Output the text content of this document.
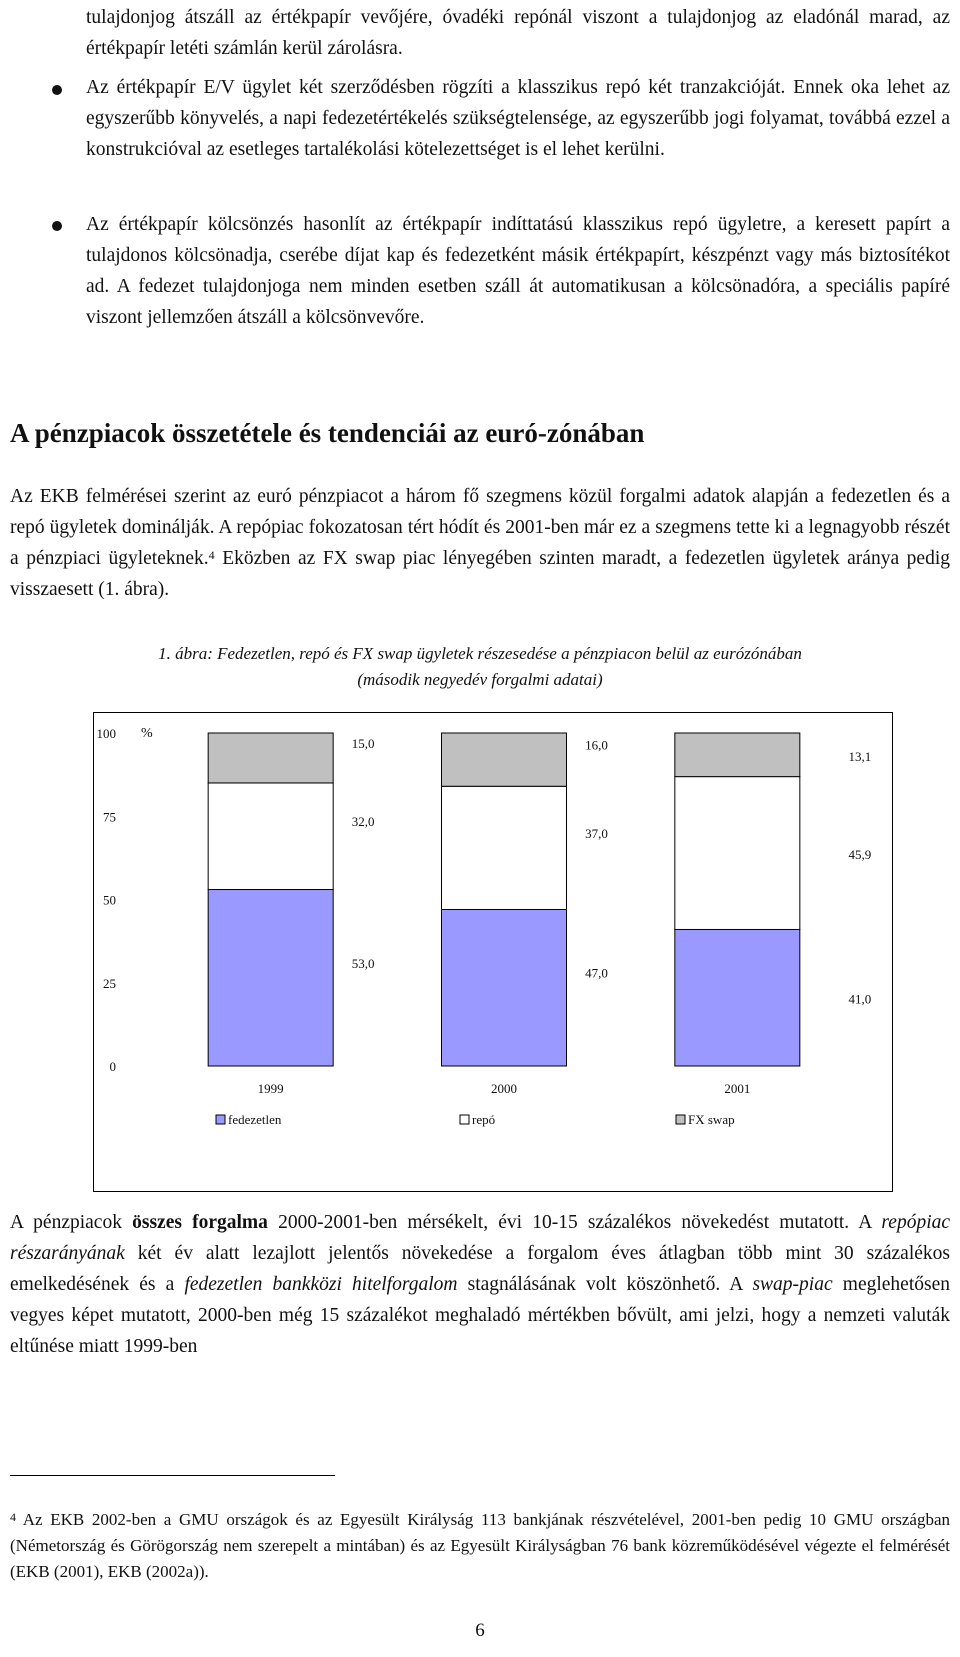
tulajdonjog átszáll az értékpapír vevőjére, óvadéki repónál viszont a tulajdonjog az eladónál marad, az értékpapír letéti számlán kerül zárolásra.

Az értékpapír E/V ügylet két szerződésben rögzíti a klasszikus repó két tranzakcióját. Ennek oka lehet az egyszerűbb könyvelés, a napi fedezetértékelés szükségtelensége, az egyszerűbb jogi folyamat, továbbá ezzel a konstrukcióval az esetleges tartalékolási kötelezettséget is el lehet kerülni.

Az értékpapír kölcsönzés hasonlít az értékpapír indíttatású klasszikus repó ügyletre, a keresett papírt a tulajdonos kölcsönadja, cserébe díjat kap és fedezetként másik értékpapírt, készpénzt vagy más biztosítékot ad. A fedezet tulajdonjoga nem minden esetben száll át automatikusan a kölcsönadóra, a speciális papíré viszont jellemzően átszáll a kölcsönvevőre.

A pénzpiacok összetétele és tendenciái az euró-zónában

Az EKB felmérései szerint az euró pénzpiacot a három fő szegmens közül forgalmi adatok alapján a fedezetlen és a repó ügyletek dominálják. A repópiac fokozatosan tért hódít és 2001-ben már ez a szegmens tette ki a legnagyobb részét a pénzpiaci ügyleteknek.$^4$ Eközben az FX swap piac lényegében szinten maradt, a fedezetlen ügyletek aránya pedig visszaesett (1. ábra).

1. ábra: Fedezetlen, repó és FX swap ügyletek részesedése a pénzpiacon belül az eurózónában
(második negyedév forgalmi adatai)
0
25
50
75
100 %
53,0
32,0
15,0
1999
47,0
37,0
16,0
2000
41,0
45,9
13,1
2001
fedezetlen	repó	FX swap

A pénzpiacok összes forgalma 2000-2001-ben mérsékelt, évi 10-15 százalékos növekedést mutatott. A repópiac részarányának két év alatt lezajlott jelentős növekedése a forgalom éves átlagban több mint 30 százalékos emelkedésének és a fedezetlen bankközi hitelforgalom stagnálásának volt köszönhető. A swap-piac meglehetősen vegyes képet mutatott, 2000-ben még 15 százalékot meghaladó mértékben bővült, ami jelzi, hogy a nemzeti valuták eltűnése miatt 1999-ben

$^4$ Az EKB 2002-ben a GMU országok és az Egyesült Királyság 113 bankjának részvételével, 2001-ben pedig 10 GMU országban (Németország és Görögország nem szerepelt a mintában) és az Egyesült Királyságban 76 bank közreműködésével végezte el felmérését (EKB (2001), EKB (2002a)).

6
